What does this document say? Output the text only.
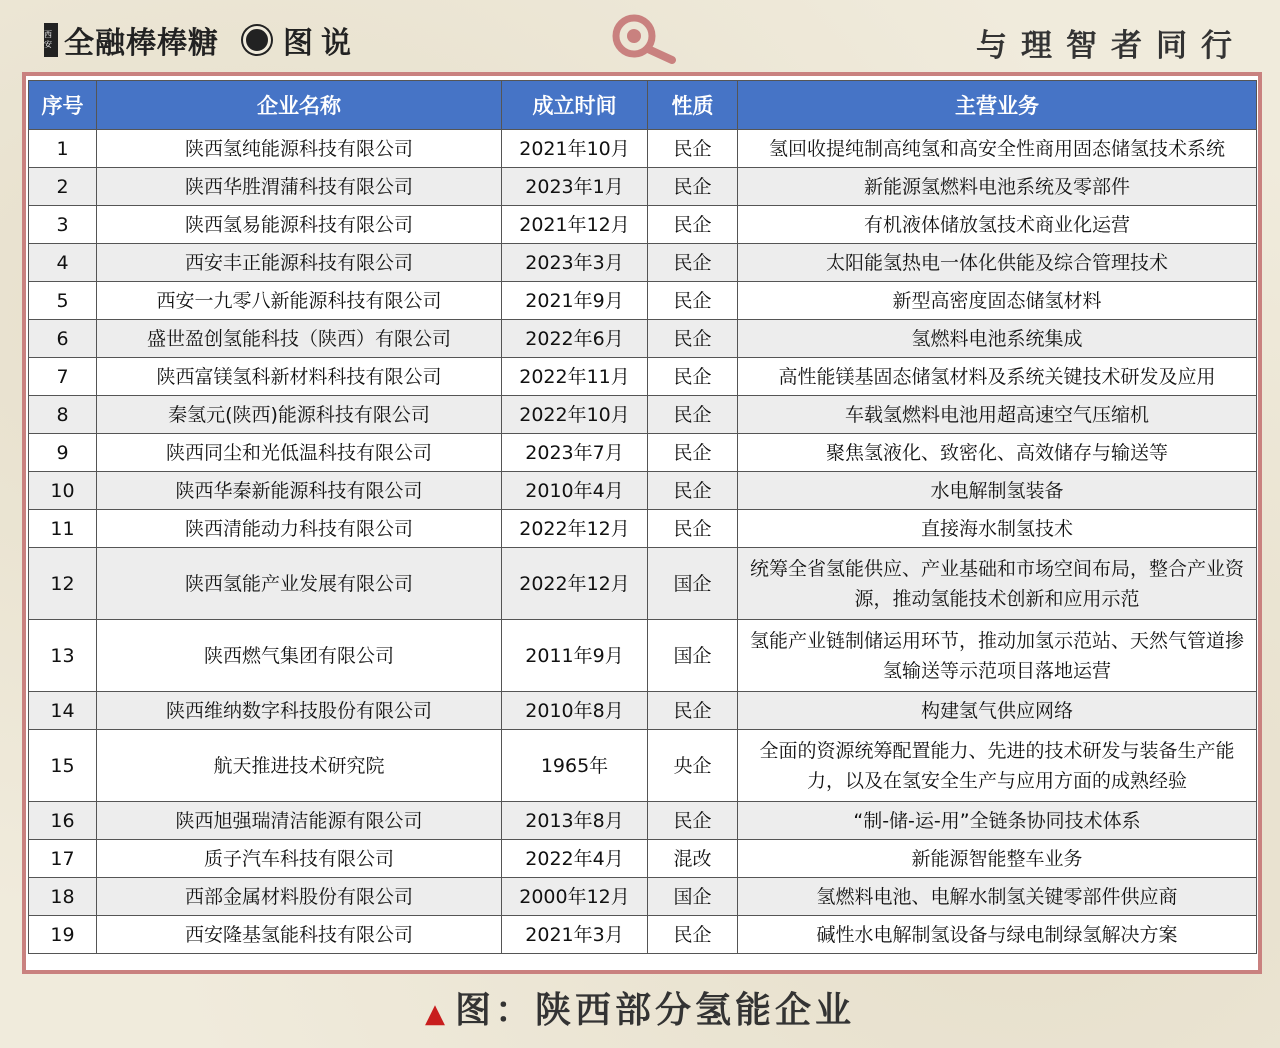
西安 全融棒棒糖 图说	与理智者同行
序号	企业名称	成立时间	性质	主营业务
1	陕西氢纯能源科技有限公司	2021年10月	民企	氢回收提纯制高纯氢和高安全性商用固态储氢技术系统
2	陕西华胜渭蒲科技有限公司	2023年1月	民企	新能源氢燃料电池系统及零部件
3	陕西氢易能源科技有限公司	2021年12月	民企	有机液体储放氢技术商业化运营
4	西安丰正能源科技有限公司	2023年3月	民企	太阳能氢热电一体化供能及综合管理技术
5	西安一九零八新能源科技有限公司	2021年9月	民企	新型高密度固态储氢材料
6	盛世盈创氢能科技（陕西）有限公司	2022年6月	民企	氢燃料电池系统集成
7	陕西富镁氢科新材料科技有限公司	2022年11月	民企	高性能镁基固态储氢材料及系统关键技术研发及应用
8	秦氢元(陕西)能源科技有限公司	2022年10月	民企	车载氢燃料电池用超高速空气压缩机
9	陕西同尘和光低温科技有限公司	2023年7月	民企	聚焦氢液化、致密化、高效储存与输送等
10	陕西华秦新能源科技有限公司	2010年4月	民企	水电解制氢装备
11	陕西清能动力科技有限公司	2022年12月	民企	直接海水制氢技术
12	陕西氢能产业发展有限公司	2022年12月	国企	统筹全省氢能供应、产业基础和市场空间布局，整合产业资源，推动氢能技术创新和应用示范
13	陕西燃气集团有限公司	2011年9月	国企	氢能产业链制储运用环节，推动加氢示范站、天然气管道掺氢输送等示范项目落地运营
14	陕西维纳数字科技股份有限公司	2010年8月	民企	构建氢气供应网络
15	航天推进技术研究院	1965年	央企	全面的资源统筹配置能力、先进的技术研发与装备生产能力，以及在氢安全生产与应用方面的成熟经验
16	陕西旭强瑞清洁能源有限公司	2013年8月	民企	“制-储-运-用”全链条协同技术体系
17	质子汽车科技有限公司	2022年4月	混改	新能源智能整车业务
18	西部金属材料股份有限公司	2000年12月	国企	氢燃料电池、电解水制氢关键零部件供应商
19	西安隆基氢能科技有限公司	2021年3月	民企	碱性水电解制氢设备与绿电制绿氢解决方案
▲ 图：陕西部分氢能企业
